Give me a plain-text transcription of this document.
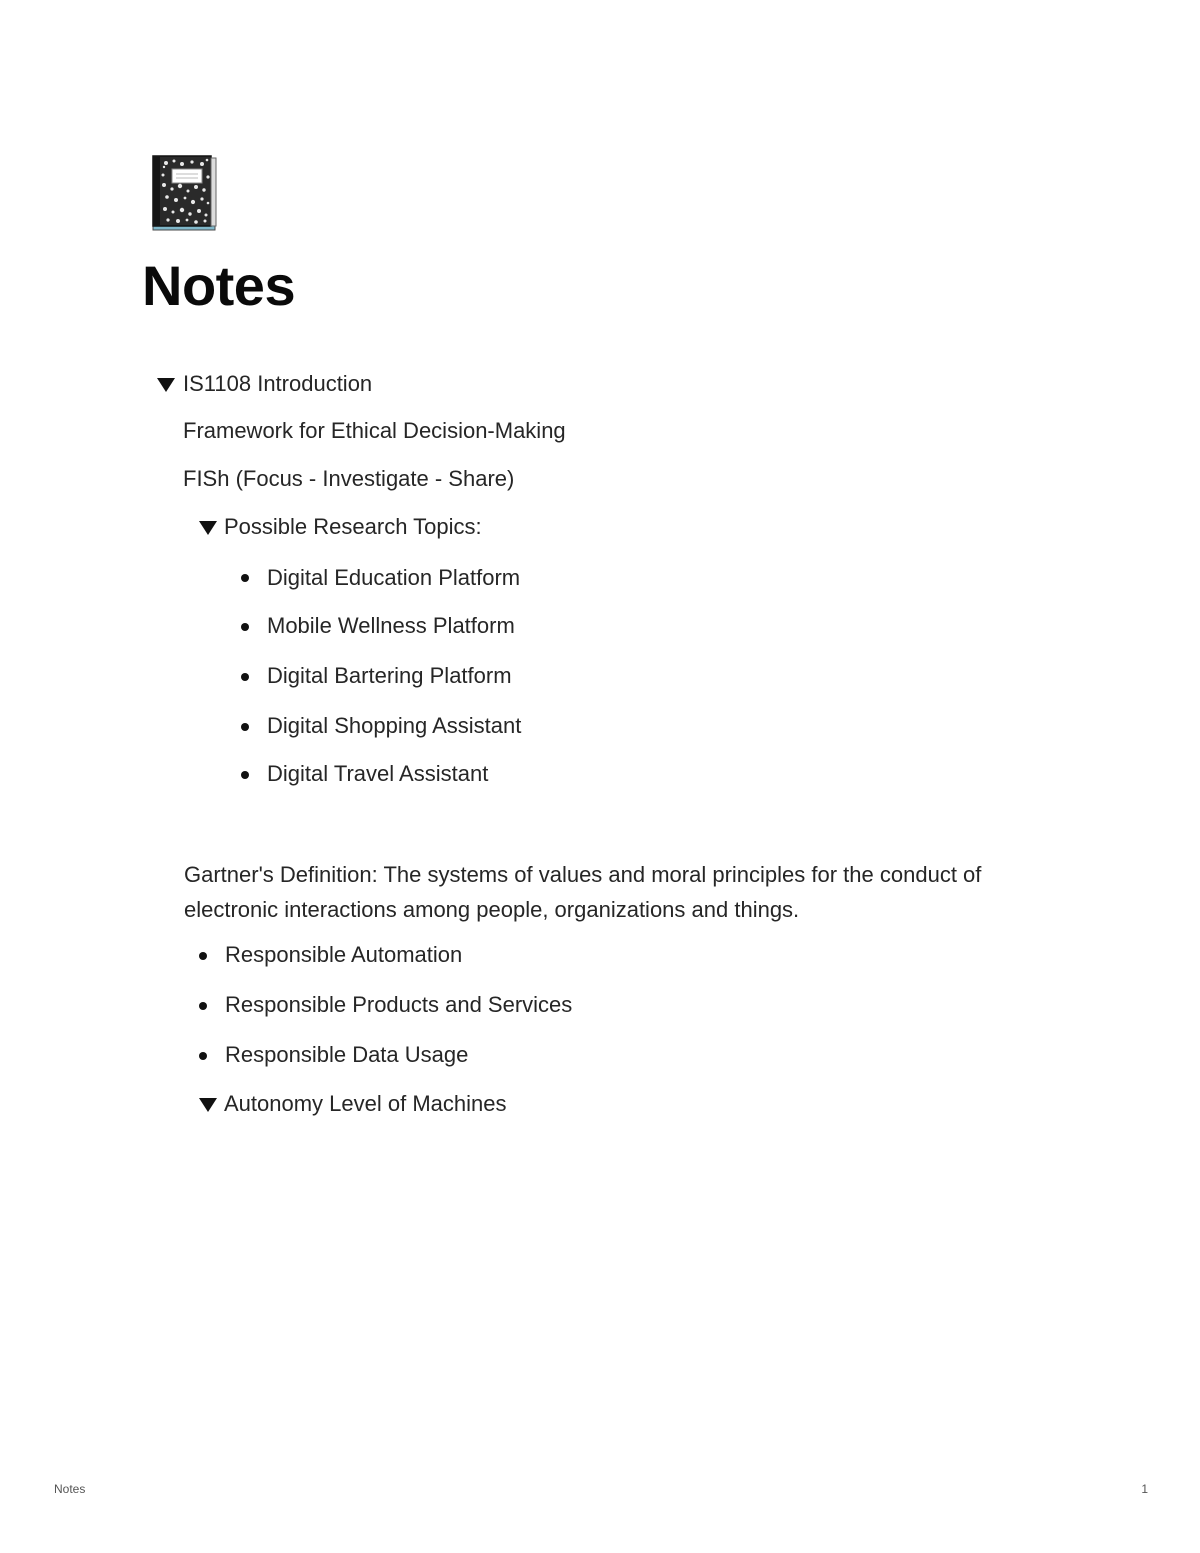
Notes
IS1108 Introduction
Framework for Ethical Decision-Making
FISh (Focus - Investigate - Share)
Possible Research Topics:
Digital Education Platform
Mobile Wellness Platform
Digital Bartering Platform
Digital Shopping Assistant
Digital Travel Assistant

Gartner's Definition: The systems of values and moral principles for the conduct of electronic interactions among people, organizations and things.

Responsible Automation
Responsible Products and Services
Responsible Data Usage
Autonomy Level of Machines
Notes	1
